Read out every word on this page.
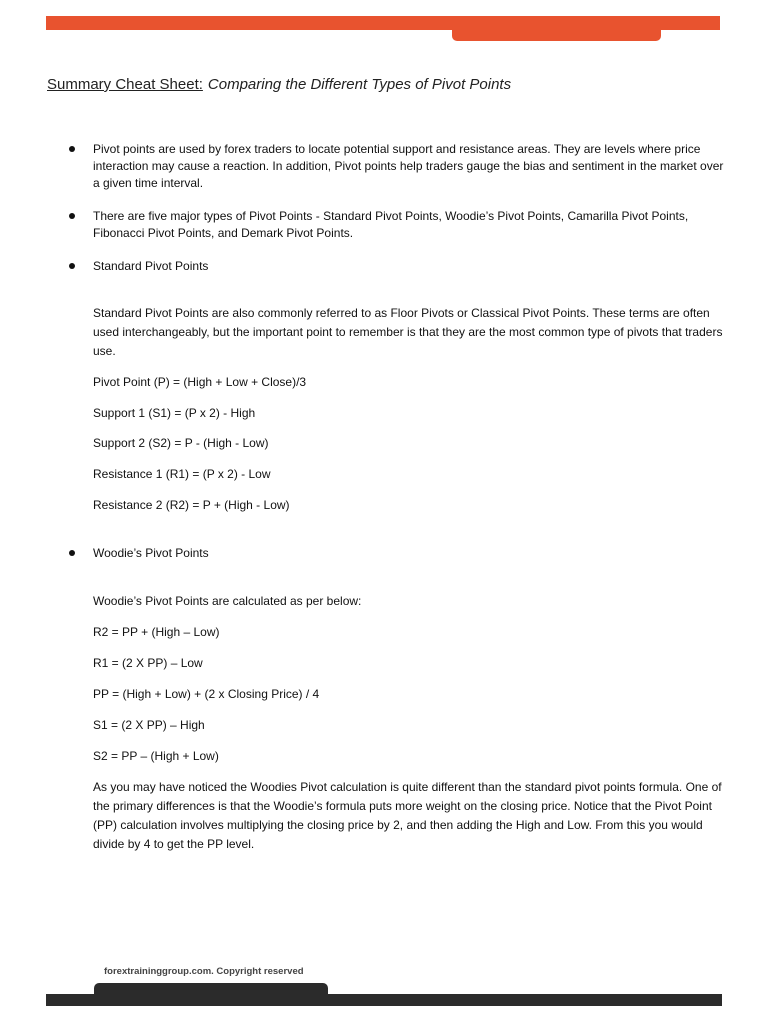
Summary Cheat Sheet: Comparing the Different Types of Pivot Points
Pivot points are used by forex traders to locate potential support and resistance areas. They are levels where price interaction may cause a reaction. In addition, Pivot points help traders gauge the bias and sentiment in the market over a given time interval.
There are five major types of Pivot Points - Standard Pivot Points, Woodie’s Pivot Points, Camarilla Pivot Points, Fibonacci Pivot Points, and Demark Pivot Points.
Standard Pivot Points
Standard Pivot Points are also commonly referred to as Floor Pivots or Classical Pivot Points. These terms are often used interchangeably, but the important point to remember is that they are the most common type of pivots that traders use.
Pivot Point (P) = (High + Low + Close)/3
Support 1 (S1) = (P x 2) - High
Support 2 (S2) = P - (High - Low)
Resistance 1 (R1) = (P x 2) - Low
Resistance 2 (R2) = P + (High - Low)
Woodie’s Pivot Points
Woodie’s Pivot Points are calculated as per below:
R2 = PP + (High – Low)
R1 = (2 X PP) – Low
PP = (High + Low) + (2 x Closing Price) / 4
S1 = (2 X PP) – High
S2 = PP – (High + Low)
As you may have noticed the Woodies Pivot calculation is quite different than the standard pivot points formula. One of the primary differences is that the Woodie’s formula puts more weight on the closing price. Notice that the Pivot Point (PP) calculation involves multiplying the closing price by 2, and then adding the High and Low. From this you would divide by 4 to get the PP level.
forextraininggroup.com. Copyright reserved
